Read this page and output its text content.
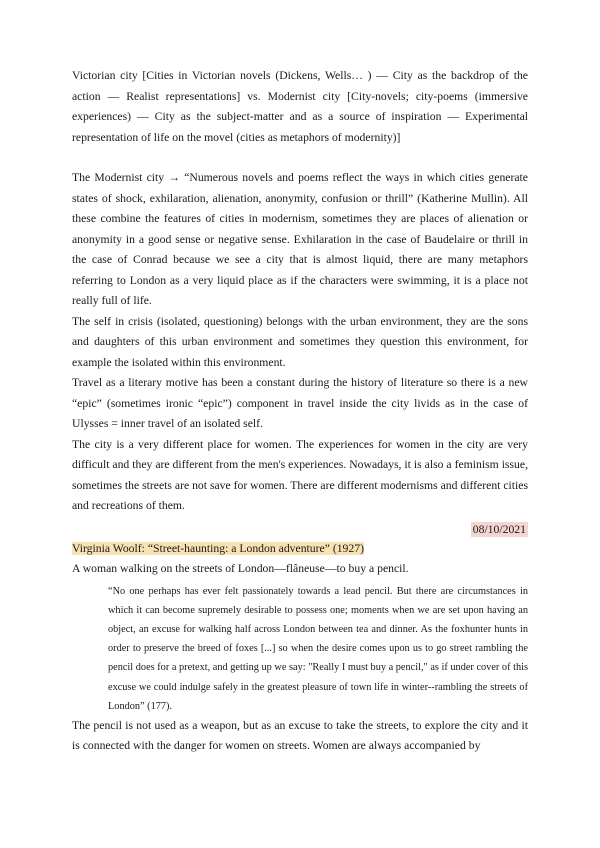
Victorian city [Cities in Victorian novels (Dickens, Wells… ) — City as the backdrop of the action — Realist representations] vs. Modernist city [City-novels; city-poems (immersive experiences) — City as the subject-matter and as a source of inspiration — Experimental representation of life on the movel (cities as metaphors of modernity)]

The Modernist city → “Numerous novels and poems reflect the ways in which cities generate states of shock, exhilaration, alienation, anonymity, confusion or thrill” (Katherine Mullin). All these combine the features of cities in modernism, sometimes they are places of alienation or anonymity in a good sense or negative sense. Exhilaration in the case of Baudelaire or thrill in the case of Conrad because we see a city that is almost liquid, there are many metaphors referring to London as a very liquid place as if the characters were swimming, it is a place not really full of life.

The self in crisis (isolated, questioning) belongs with the urban environment, they are the sons and daughters of this urban environment and sometimes they question this environment, for example the isolated within this environment.

Travel as a literary motive has been a constant during the history of literature so there is a new “epic” (sometimes ironic “epic”) component in travel inside the city livids as in the case of Ulysses = inner travel of an isolated self.

The city is a very different place for women. The experiences for women in the city are very difficult and they are different from the men's experiences. Nowadays, it is also a feminism issue, sometimes the streets are not save for women. There are different modernisms and different cities and recreations of them.

08/10/2021

Virginia Woolf: “Street-haunting: a London adventure” (1927)

A woman walking on the streets of London—flâneuse—to buy a pencil.

“No one perhaps has ever felt passionately towards a lead pencil. But there are circumstances in which it can become supremely desirable to possess one; moments when we are set upon having an object, an excuse for walking half across London between tea and dinner. As the foxhunter hunts in order to preserve the breed of foxes [...] so when the desire comes upon us to go street rambling the pencil does for a pretext, and getting up we say: "Really I must buy a pencil," as if under cover of this excuse we could indulge safely in the greatest pleasure of town life in winter--rambling the streets of London” (177).

The pencil is not used as a weapon, but as an excuse to take the streets, to explore the city and it is connected with the danger for women on streets. Women are always accompanied by
